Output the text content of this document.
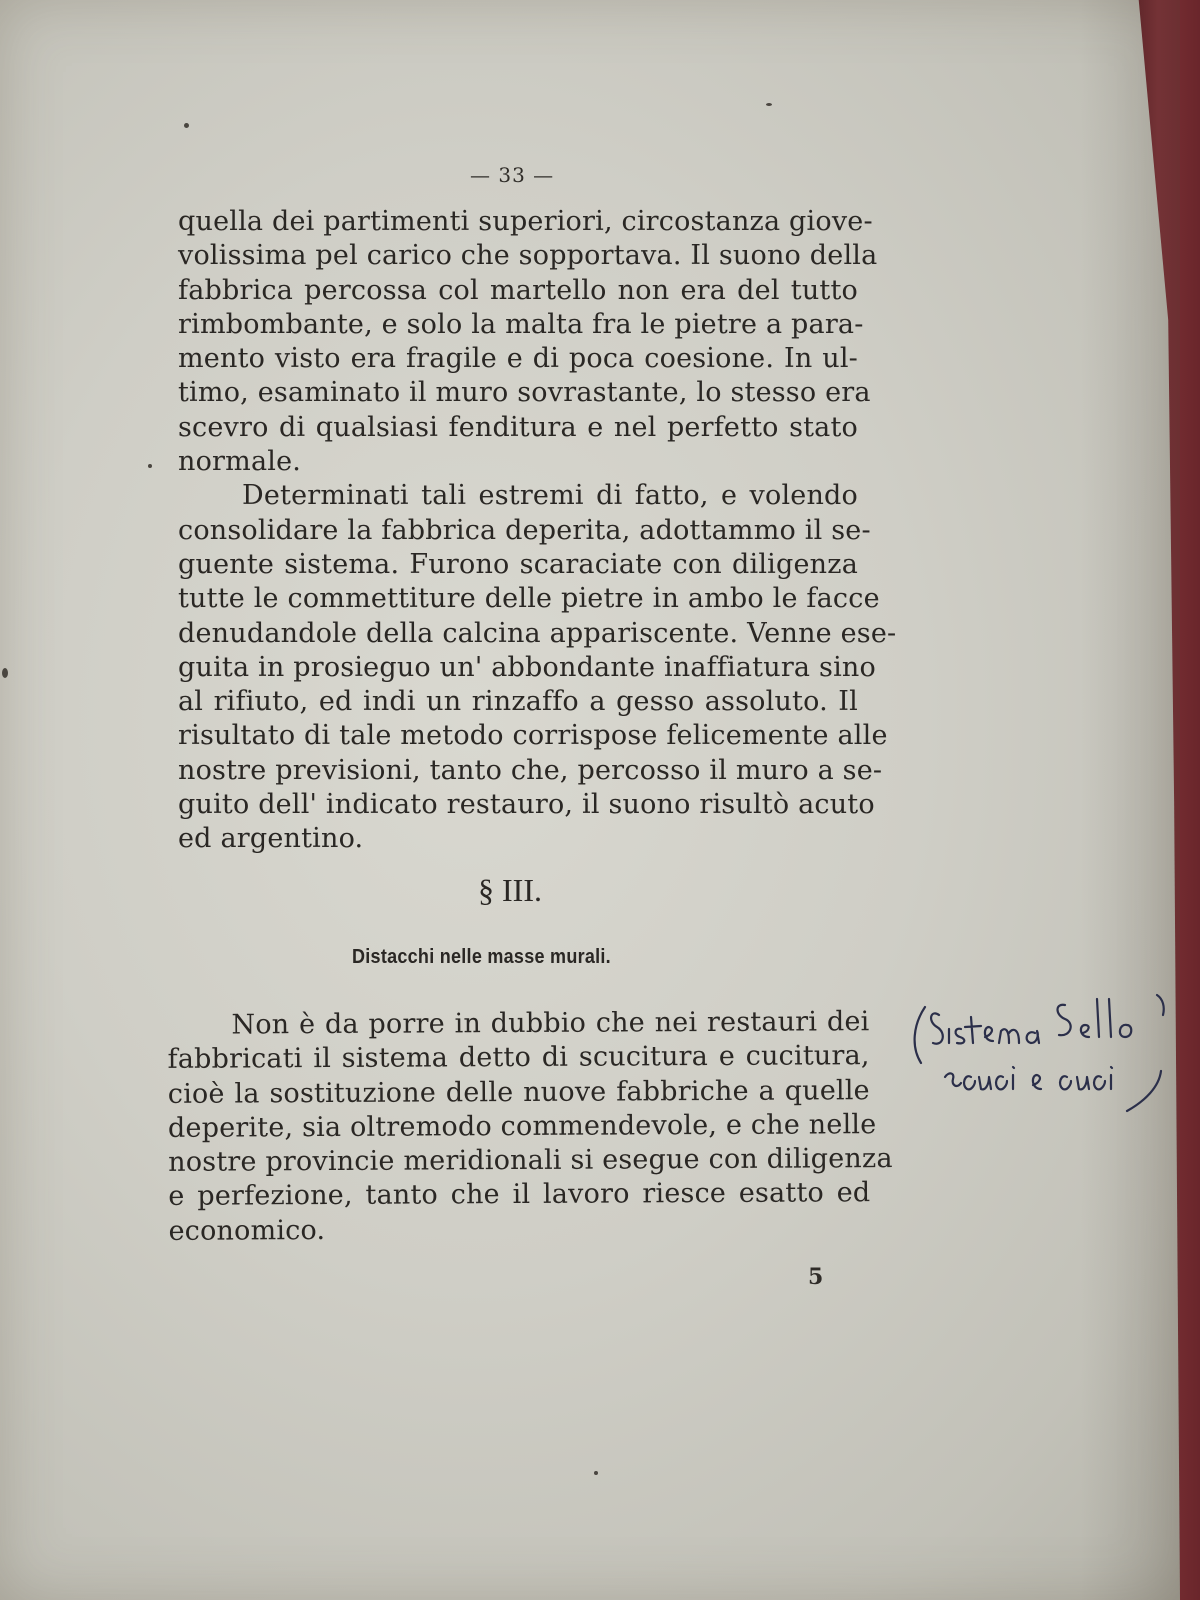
— 33 —
quella dei partimenti superiori, circostanza giove-
volissima pel carico che sopportava. Il suono della
fabbrica percossa col martello non era del tutto
rimbombante, e solo la malta fra le pietre a para-
mento visto era fragile e di poca coesione. In ul-
timo, esaminato il muro sovrastante, lo stesso era
scevro di qualsiasi fenditura e nel perfetto stato
normale.
Determinati tali estremi di fatto, e volendo
consolidare la fabbrica deperita, adottammo il se-
guente sistema. Furono scaraciate con diligenza
tutte le commettiture delle pietre in ambo le facce
denudandole della calcina appariscente. Venne ese-
guita in prosieguo un' abbondante inaffiatura sino
al rifiuto, ed indi un rinzaffo a gesso assoluto. Il
risultato di tale metodo corrispose felicemente alle
nostre previsioni, tanto che, percosso il muro a se-
guito dell' indicato restauro, il suono risultò acuto
ed argentino.
§ III.
Distacchi nelle masse murali.
Non è da porre in dubbio che nei restauri dei
fabbricati il sistema detto di scucitura e cucitura,
cioè la sostituzione delle nuove fabbriche a quelle
deperite, sia oltremodo commendevole, e che nelle
nostre provincie meridionali si esegue con diligenza
e perfezione, tanto che il lavoro riesce esatto ed
economico.
5
